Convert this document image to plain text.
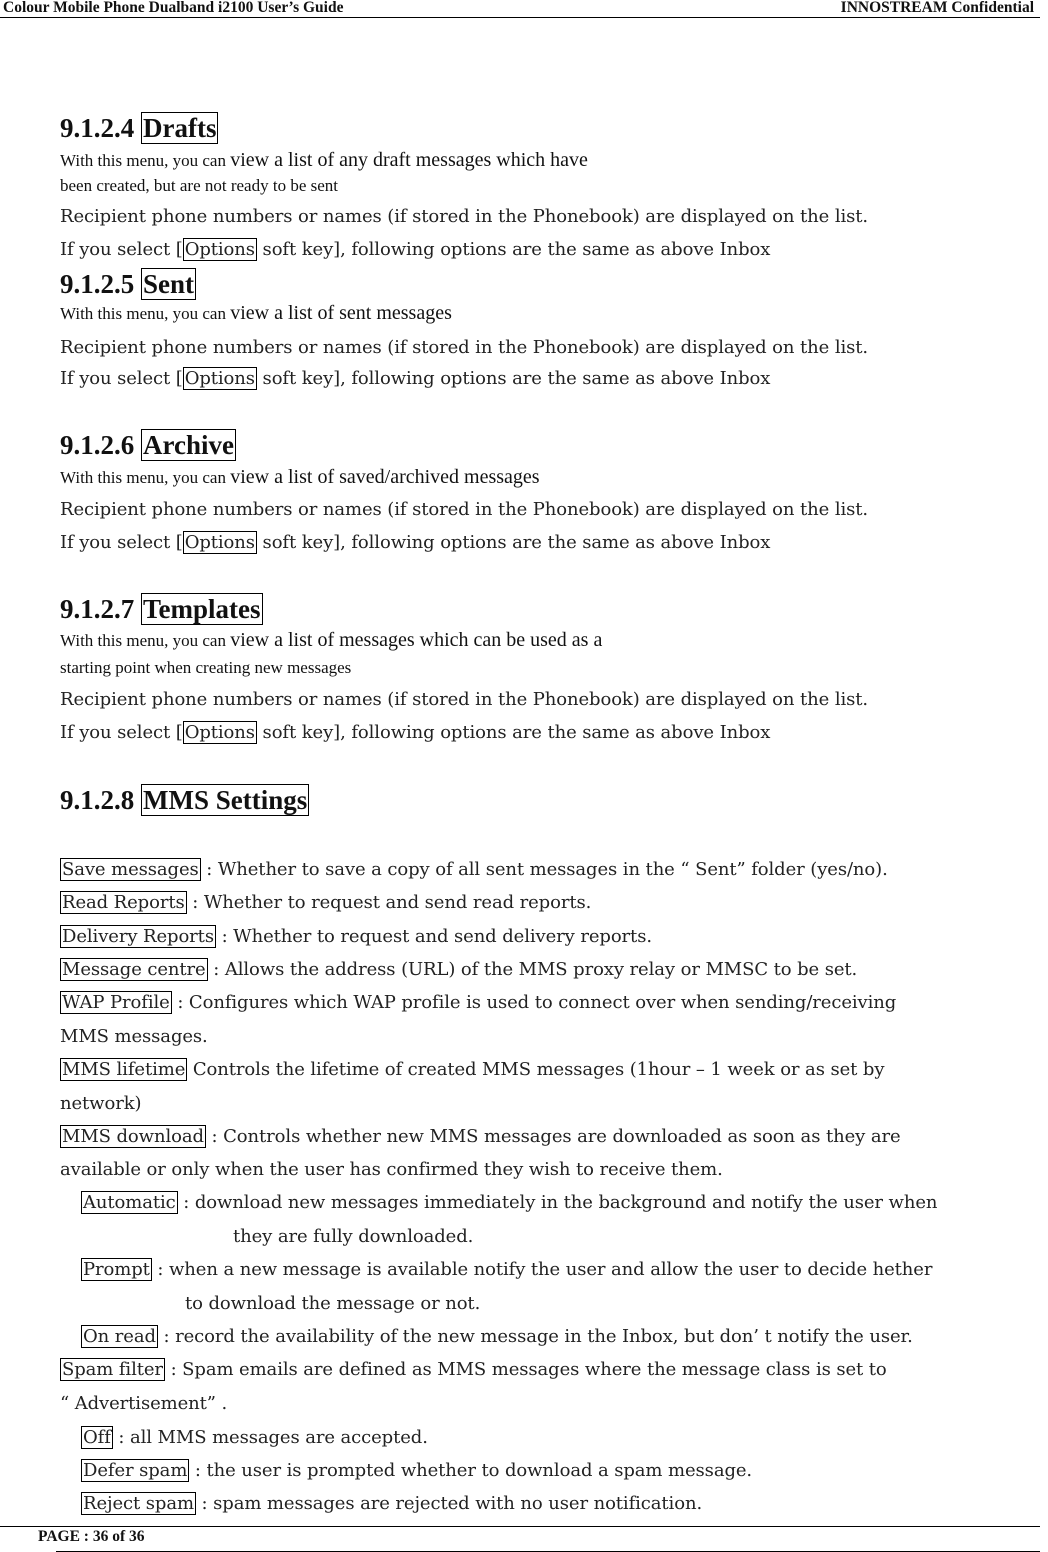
Colour Mobile Phone Dualband i2100 User’s Guide	INNOSTREAM Confidential
9.1.2.4 Drafts
With this menu, you can view a list of any draft messages which have
been created, but are not ready to be sent
Recipient phone numbers or names (if stored in the Phonebook) are displayed on the list.
If you select [ Options soft key], following options are the same as above Inbox
9.1.2.5 Sent
With this menu, you can view a list of sent messages
Recipient phone numbers or names (if stored in the Phonebook) are displayed on the list.
If you select [ Options soft key], following options are the same as above Inbox
9.1.2.6 Archive
With this menu, you can view a list of saved/archived messages
Recipient phone numbers or names (if stored in the Phonebook) are displayed on the list.
If you select [ Options soft key], following options are the same as above Inbox
9.1.2.7 Templates
With this menu, you can view a list of messages which can be used as a
starting point when creating new messages
Recipient phone numbers or names (if stored in the Phonebook) are displayed on the list.
If you select [ Options soft key], following options are the same as above Inbox
9.1.2.8 MMS Settings
Save messages : Whether to save a copy of all sent messages in the “ Sent” folder (yes/no).
Read Reports : Whether to request and send read reports.
Delivery Reports : Whether to request and send delivery reports.
Message centre : Allows the address (URL) of the MMS proxy relay or MMSC to be set.
WAP Profile : Configures which WAP profile is used to connect over when sending/receiving
MMS messages.
MMS lifetime Controls the lifetime of created MMS messages (1hour – 1 week or as set by
network)
MMS download : Controls whether new MMS messages are downloaded as soon as they are
available or only when the user has confirmed they wish to receive them.
Automatic : download new messages immediately in the background and notify the user when
they are fully downloaded.
Prompt : when a new message is available notify the user and allow the user to decide hether
to download the message or not.
On read : record the availability of the new message in the Inbox, but don’ t notify the user.
Spam filter : Spam emails are defined as MMS messages where the message class is set to
“ Advertisement” .
Off : all MMS messages are accepted.
Defer spam : the user is prompted whether to download a spam message.
Reject spam : spam messages are rejected with no user notification.
PAGE : 36 of 36
